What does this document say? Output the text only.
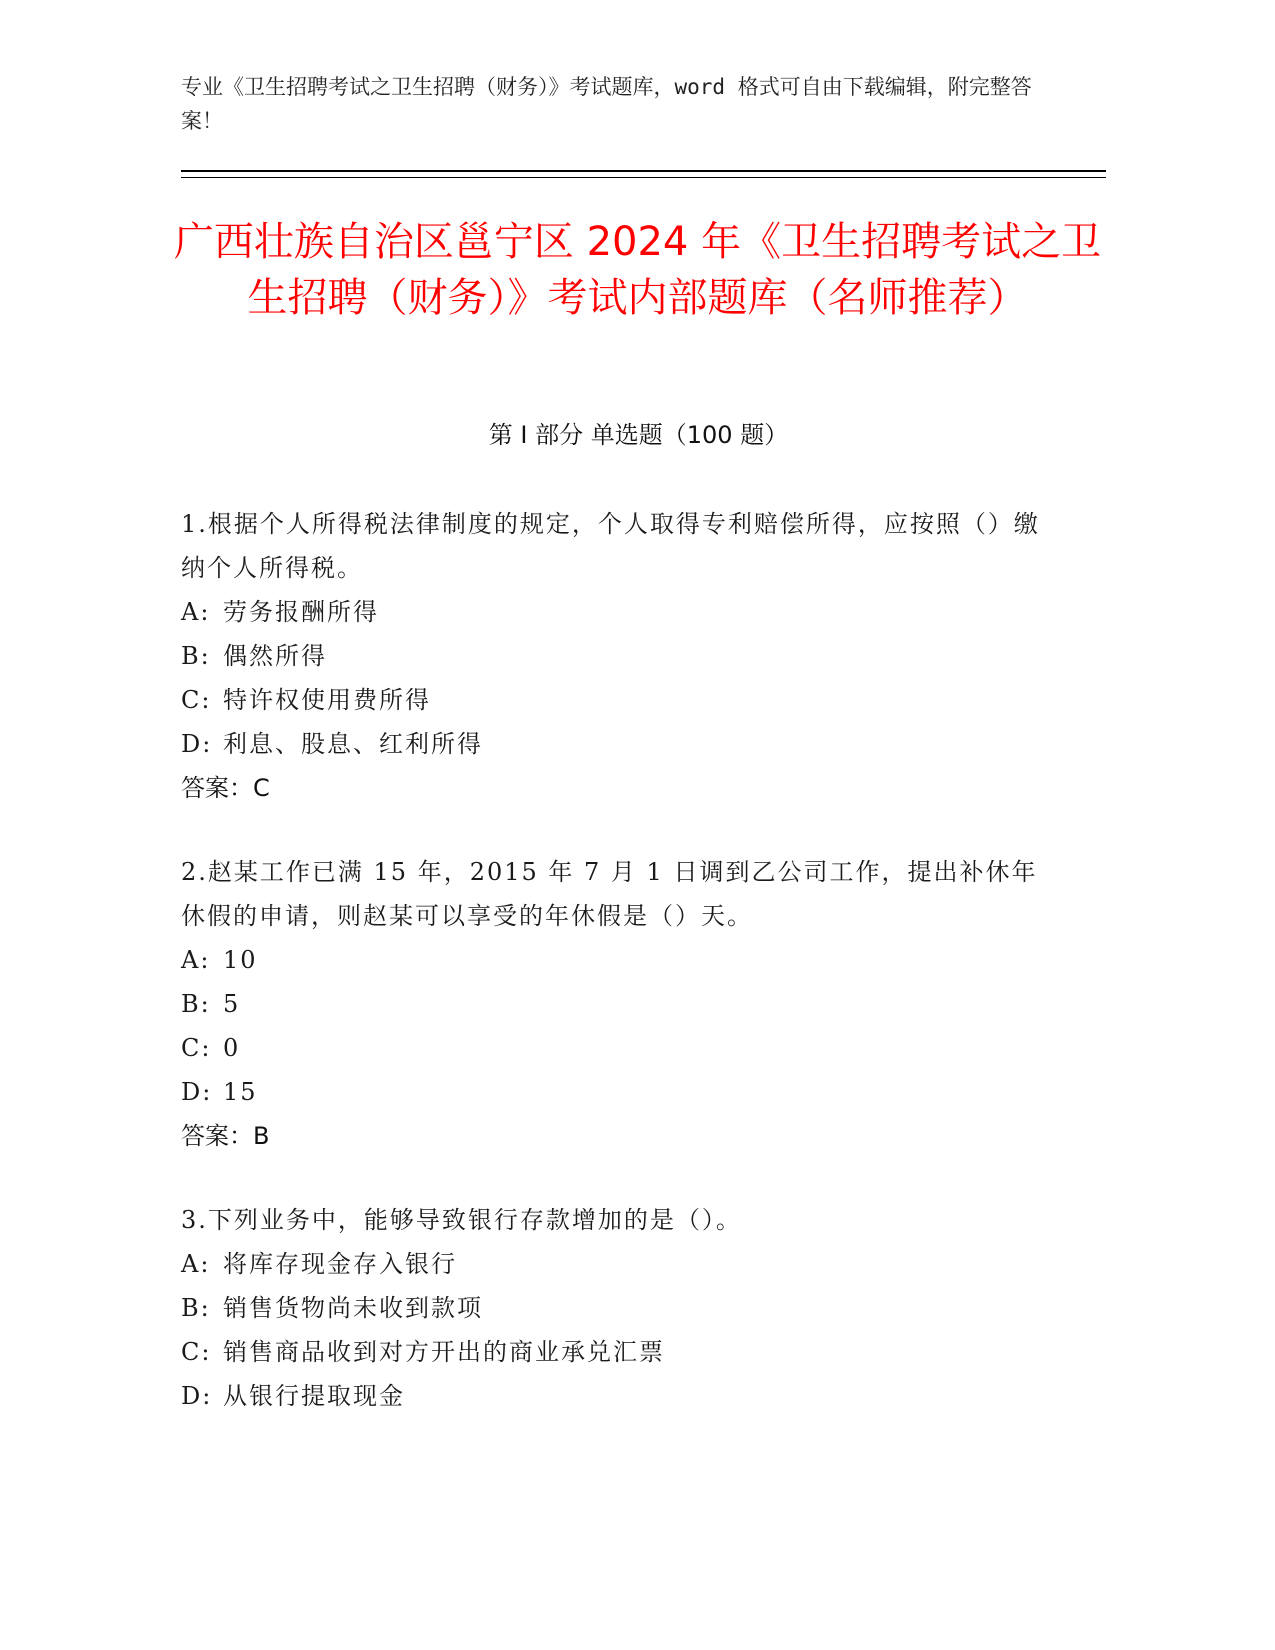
专业《卫生招聘考试之卫生招聘（财务）》考试题库，word 格式可自由下载编辑，附完整答案！
广西壮族自治区邕宁区 2024 年《卫生招聘考试之卫生招聘（财务）》考试内部题库（名师推荐）
第 I 部分 单选题（100 题）
1.根据个人所得税法律制度的规定，个人取得专利赔偿所得，应按照（）缴纳个人所得税。
A: 劳务报酬所得
B: 偶然所得
C: 特许权使用费所得
D: 利息、股息、红利所得
答案：C
2.赵某工作已满 15 年，2015 年 7 月 1 日调到乙公司工作，提出补休年休假的申请，则赵某可以享受的年休假是（）天。
A: 10
B: 5
C: 0
D: 15
答案：B
3.下列业务中，能够导致银行存款增加的是（）。
A: 将库存现金存入银行
B: 销售货物尚未收到款项
C: 销售商品收到对方开出的商业承兑汇票
D: 从银行提取现金
